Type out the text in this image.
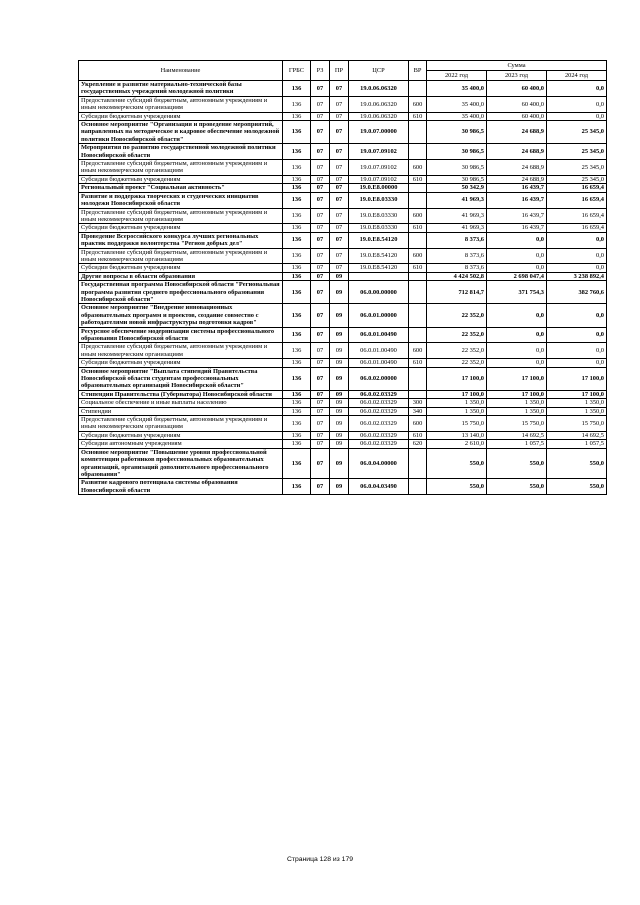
Наименование	ГРБС	РЗ	ПР	ЦСР	ВР	Сумма		
						2022 год	2023 год	2024 год
Укрепление и развитие материально-технической базы государственных учреждений молодежной политики	136	07	07	19.0.06.06320		35 400,0	60 400,0	0,0
Предоставление субсидий бюджетным, автономным учреждениям и иным некоммерческим организациям	136	07	07	19.0.06.06320	600	35 400,0	60 400,0	0,0
Субсидии бюджетным учреждениям	136	07	07	19.0.06.06320	610	35 400,0	60 400,0	0,0
Основное мероприятие "Организация и проведение мероприятий, направленных на методическое и кадровое обеспечение молодежной политики Новосибирской области"	136	07	07	19.0.07.00000		30 986,5	24 688,9	25 345,0
Мероприятия по развитию государственной молодежной политики Новосибирской области	136	07	07	19.0.07.09102		30 986,5	24 688,9	25 345,0
Предоставление субсидий бюджетным, автономным учреждениям и иным некоммерческим организациям	136	07	07	19.0.07.09102	600	30 986,5	24 688,9	25 345,0
Субсидии бюджетным учреждениям	136	07	07	19.0.07.09102	610	30 986,5	24 688,9	25 345,0
Региональный проект "Социальная активность"	136	07	07	19.0.E8.00000		50 342,9	16 439,7	16 659,4
Развитие и поддержка творческих и студенческих инициатив молодежи Новосибирской области	136	07	07	19.0.E8.03330		41 969,3	16 439,7	16 659,4
Предоставление субсидий бюджетным, автономным учреждениям и иным некоммерческим организациям	136	07	07	19.0.E8.03330	600	41 969,3	16 439,7	16 659,4
Субсидии бюджетным учреждениям	136	07	07	19.0.E8.03330	610	41 969,3	16 439,7	16 659,4
Проведение Всероссийского конкурса лучших региональных практик поддержки волонтерства "Регион добрых дел"	136	07	07	19.0.E8.54120		8 373,6	0,0	0,0
Предоставление субсидий бюджетным, автономным учреждениям и иным некоммерческим организациям	136	07	07	19.0.E8.54120	600	8 373,6	0,0	0,0
Субсидии бюджетным учреждениям	136	07	07	19.0.E8.54120	610	8 373,6	0,0	0,0
Другие вопросы в области образования	136	07	09			4 424 502,8	2 698 047,4	3 238 892,4
Государственная программа Новосибирской области "Региональная программа развития среднего профессионального образования Новосибирской области"	136	07	09	06.0.00.00000		712 814,7	371 754,3	382 760,6
Основное мероприятие "Внедрение инновационных образовательных программ и проектов, создание совместно с работодателями новой инфраструктуры подготовки кадров"	136	07	09	06.0.01.00000		22 352,0	0,0	0,0
Ресурсное обеспечение модернизации системы профессионального образования Новосибирской области	136	07	09	06.0.01.00490		22 352,0	0,0	0,0
Предоставление субсидий бюджетным, автономным учреждениям и иным некоммерческим организациям	136	07	09	06.0.01.00490	600	22 352,0	0,0	0,0
Субсидии бюджетным учреждениям	136	07	09	06.0.01.00490	610	22 352,0	0,0	0,0
Основное мероприятие "Выплата стипендий Правительства Новосибирской области студентам профессиональных образовательных организаций Новосибирской области"	136	07	09	06.0.02.00000		17 100,0	17 100,0	17 100,0
Стипендии Правительства (Губернатора) Новосибирской области	136	07	09	06.0.02.03329		17 100,0	17 100,0	17 100,0
Социальное обеспечение и иные выплаты населению	136	07	09	06.0.02.03329	300	1 350,0	1 350,0	1 350,0
Стипендии	136	07	09	06.0.02.03329	340	1 350,0	1 350,0	1 350,0
Предоставление субсидий бюджетным, автономным учреждениям и иным некоммерческим организациям	136	07	09	06.0.02.03329	600	15 750,0	15 750,0	15 750,0
Субсидии бюджетным учреждениям	136	07	09	06.0.02.03329	610	13 140,0	14 692,5	14 692,5
Субсидии автономным учреждениям	136	07	09	06.0.02.03329	620	2 610,0	1 057,5	1 057,5
Основное мероприятие "Повышение уровня профессиональной компетенции работников профессиональных образовательных организаций, организаций дополнительного профессионального образования"	136	07	09	06.0.04.00000		550,0	550,0	550,0
Развитие кадрового потенциала системы образования Новосибирской области	136	07	09	06.0.04.03490		550,0	550,0	550,0
Страница 128 из 179
